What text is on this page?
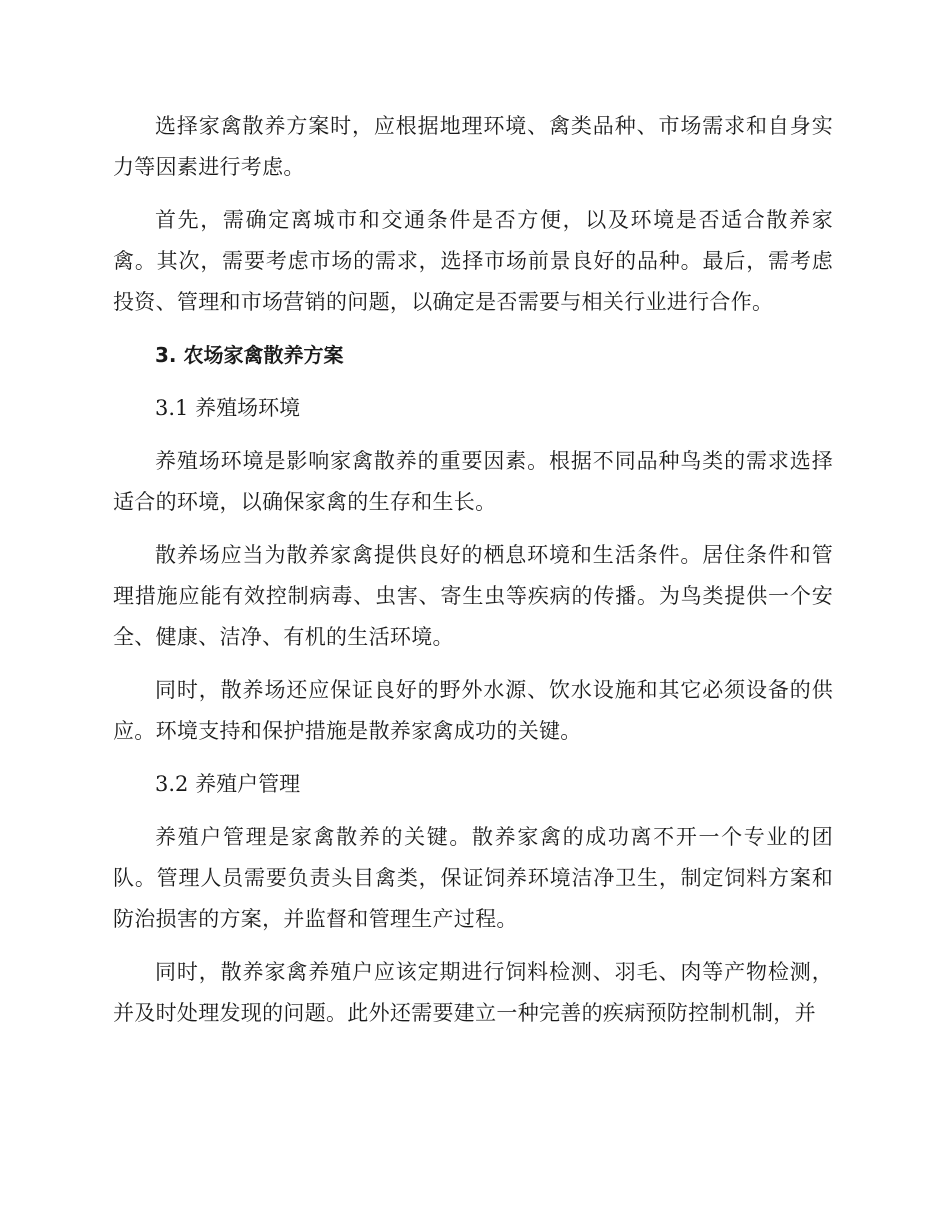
选择家禽散养方案时，应根据地理环境、禽类品种、市场需求和自身实力等因素进行考虑。

首先，需确定离城市和交通条件是否方便，以及环境是否适合散养家禽。其次，需要考虑市场的需求，选择市场前景良好的品种。最后，需考虑投资、管理和市场营销的问题，以确定是否需要与相关行业进行合作。

3. 农场家禽散养方案

3.1 养殖场环境

养殖场环境是影响家禽散养的重要因素。根据不同品种鸟类的需求选择适合的环境，以确保家禽的生存和生长。

散养场应当为散养家禽提供良好的栖息环境和生活条件。居住条件和管理措施应能有效控制病毒、虫害、寄生虫等疾病的传播。为鸟类提供一个安全、健康、洁净、有机的生活环境。

同时，散养场还应保证良好的野外水源、饮水设施和其它必须设备的供应。环境支持和保护措施是散养家禽成功的关键。

3.2 养殖户管理

养殖户管理是家禽散养的关键。散养家禽的成功离不开一个专业的团队。管理人员需要负责头目禽类，保证饲养环境洁净卫生，制定饲料方案和防治损害的方案，并监督和管理生产过程。

同时，散养家禽养殖户应该定期进行饲料检测、羽毛、肉等产物检测，并及时处理发现的问题。此外还需要建立一种完善的疾病预防控制机制，并
